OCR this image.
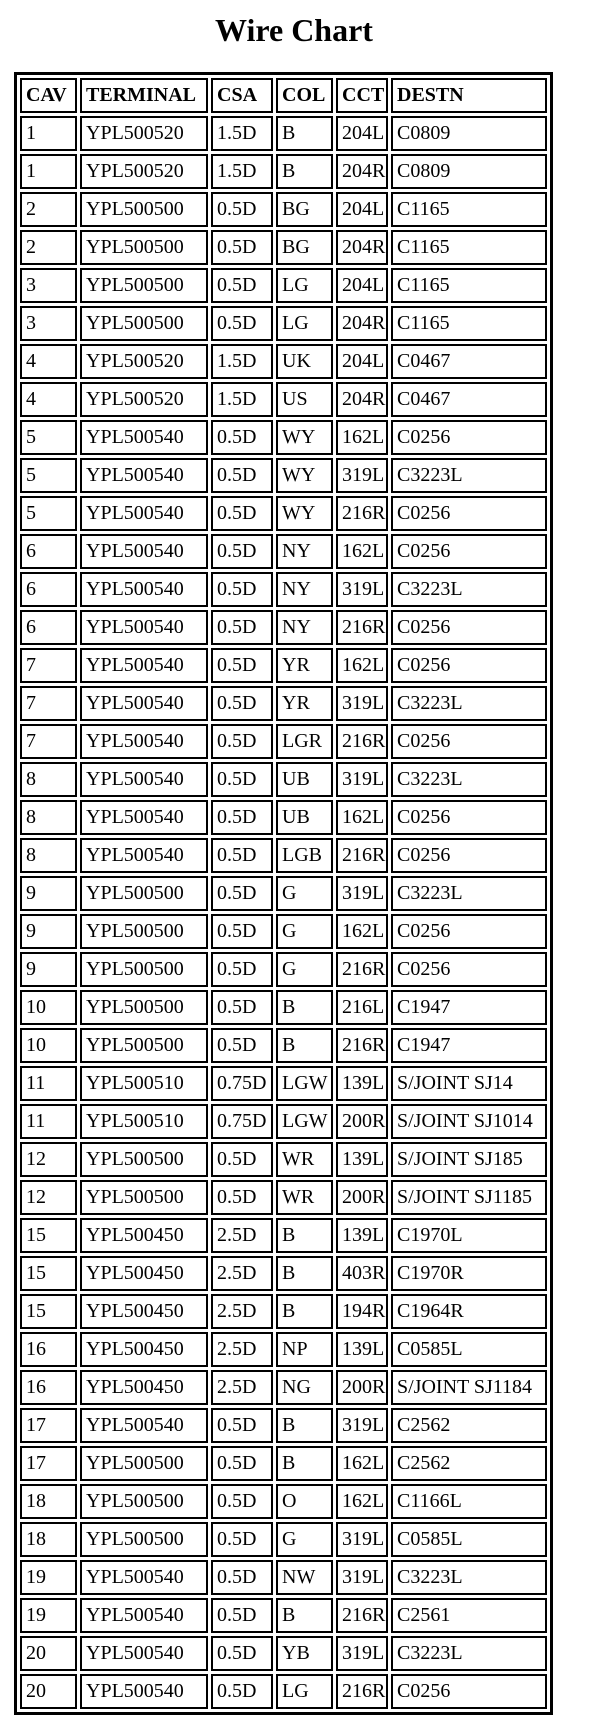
Wire Chart
CAV	TERMINAL	CSA	COL	CCT	DESTN
1	YPL500520	1.5D	B	204L	C0809
1	YPL500520	1.5D	B	204R	C0809
2	YPL500500	0.5D	BG	204L	C1165
2	YPL500500	0.5D	BG	204R	C1165
3	YPL500500	0.5D	LG	204L	C1165
3	YPL500500	0.5D	LG	204R	C1165
4	YPL500520	1.5D	UK	204L	C0467
4	YPL500520	1.5D	US	204R	C0467
5	YPL500540	0.5D	WY	162L	C0256
5	YPL500540	0.5D	WY	319L	C3223L
5	YPL500540	0.5D	WY	216R	C0256
6	YPL500540	0.5D	NY	162L	C0256
6	YPL500540	0.5D	NY	319L	C3223L
6	YPL500540	0.5D	NY	216R	C0256
7	YPL500540	0.5D	YR	162L	C0256
7	YPL500540	0.5D	YR	319L	C3223L
7	YPL500540	0.5D	LGR	216R	C0256
8	YPL500540	0.5D	UB	319L	C3223L
8	YPL500540	0.5D	UB	162L	C0256
8	YPL500540	0.5D	LGB	216R	C0256
9	YPL500500	0.5D	G	319L	C3223L
9	YPL500500	0.5D	G	162L	C0256
9	YPL500500	0.5D	G	216R	C0256
10	YPL500500	0.5D	B	216L	C1947
10	YPL500500	0.5D	B	216R	C1947
11	YPL500510	0.75D	LGW	139L	S/JOINT SJ14
11	YPL500510	0.75D	LGW	200R	S/JOINT SJ1014
12	YPL500500	0.5D	WR	139L	S/JOINT SJ185
12	YPL500500	0.5D	WR	200R	S/JOINT SJ1185
15	YPL500450	2.5D	B	139L	C1970L
15	YPL500450	2.5D	B	403R	C1970R
15	YPL500450	2.5D	B	194R	C1964R
16	YPL500450	2.5D	NP	139L	C0585L
16	YPL500450	2.5D	NG	200R	S/JOINT SJ1184
17	YPL500540	0.5D	B	319L	C2562
17	YPL500500	0.5D	B	162L	C2562
18	YPL500500	0.5D	O	162L	C1166L
18	YPL500500	0.5D	G	319L	C0585L
19	YPL500540	0.5D	NW	319L	C3223L
19	YPL500540	0.5D	B	216R	C2561
20	YPL500540	0.5D	YB	319L	C3223L
20	YPL500540	0.5D	LG	216R	C0256
